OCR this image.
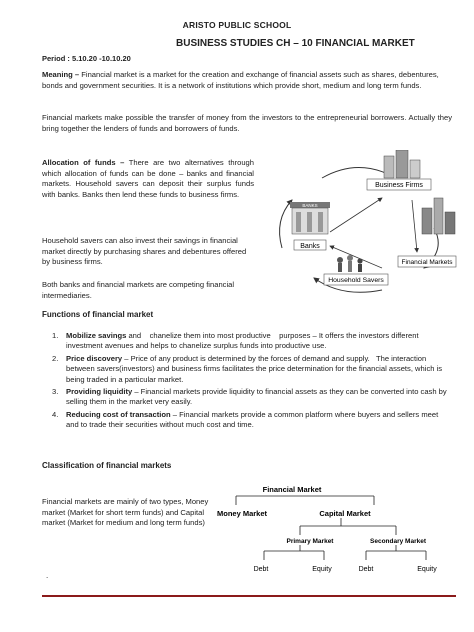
ARISTO PUBLIC SCHOOL
BUSINESS STUDIES CH – 10 FINANCIAL MARKET
Period : 5.10.20 -10.10.20
Meaning – Financial market is a market for the creation and exchange of financial assets such as shares, debentures, bonds and government securities. It is a network of institutions which provide short, medium and long term funds.
Financial markets make possible the transfer of money from the investors to the entrepreneurial borrowers. Actually they bring together the lenders of funds and borrowers of funds.
Allocation of funds – There are two alternatives through which allocation of funds can be done – banks and financial markets. Household savers can deposit their surplus funds with banks. Banks then lend these funds to business firms.
Household savers can also invest their savings in financial market directly by purchasing shares and debentures offered by business firms.
Both banks and financial markets are competing financial intermediaries.
Business Firms
BANKS
Banks
Financial Markets
Household Savers
Functions of financial market
1. Mobilize savings and    chanelize them into most productive    purposes – It offers the investors different investment avenues and helps to chanelize surplus funds into productive use.
2. Price discovery – Price of any product is determined by the forces of demand and supply.   The interaction between savers(investors) and business firms facilitates the price determination for the financial assets, which is being traded in a particular market.
3. Providing liquidity – Financial markets provide liquidity to financial assets as they can be converted into cash by selling them in the market very easily.
4. Reducing cost of transaction – Financial markets provide a common platform where buyers and sellers meet and to trade their securities without much cost and time.
Classification of financial markets
Financial markets are mainly of two types, Money market (Market for short term funds) and Capital market (Market for medium and long term funds)
.
Financial Market
Money Market	Capital Market
Primary Market	Secondary Market
Debt	Equity	Debt	Equity
